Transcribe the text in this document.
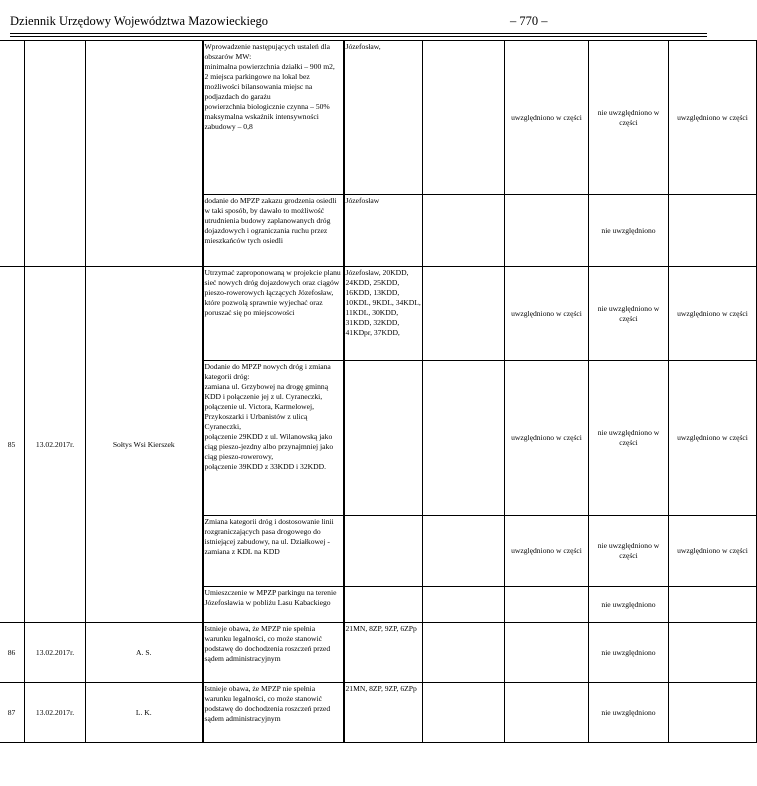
Dziennik Urzędowy Województwa Mazowieckiego	– 770 –

			Wprowadzenie następujących ustaleń dla obszarów MW:
minimalna powierzchnia działki – 900 m2,
2 miejsca parkingowe na lokal bez możliwości bilansowania miejsc na podjazdach do garażu
powierzchnia biologicznie czynna – 50%
maksymalna wskaźnik intensywności zabudowy – 0,8	Józefosław,		uwzględniono w części	nie uwzględniono w części	uwzględniono w części	

			dodanie do MPZP zakazu grodzenia osiedli w taki sposób, by dawało to możliwość utrudnienia budowy zaplanowanych dróg dojazdowych i ograniczania ruchu przez mieszkańców tych osiedli	Józefosław			nie uwzględniono		

85	13.02.2017r.	Sołtys Wsi Kierszek	Utrzymać zaproponowaną w projekcie planu sieć nowych dróg dojazdowych oraz ciągów pieszo-rowerowych łączących Józefosław, które pozwolą sprawnie wyjechać oraz poruszać się po miejscowości	Józefosław, 20KDD, 24KDD, 25KDD, 16KDD, 13KDD, 10KDL, 9KDL, 34KDL, 11KDL, 30KDD, 31KDD, 32KDD, 41KDpr, 37KDD,		uwzględniono w części	nie uwzględniono w części	uwzględniono w części	

			Dodanie do MPZP nowych dróg i zmiana kategorii dróg:
zamiana ul. Grzybowej na drogę gminną KDD i połączenie jej z ul. Cyraneczki, połączenie ul. Victora, Karmelowej, Przykoszarki i Urbanistów z ulicą Cyraneczki,
połączenie 29KDD z ul. Wilanowską jako ciąg pieszo-jezdny albo przynajmniej jako ciąg pieszo-rowerowy,
połączenie 39KDD z 33KDD i 32KDD.			uwzględniono w części	nie uwzględniono w części	uwzględniono w części	

			Zmiana kategorii dróg i dostosowanie linii rozgraniczających pasa drogowego do istniejącej zabudowy, na ul. Działkowej - zamiana z KDL na KDD			uwzględniono w części	nie uwzględniono w części	uwzględniono w części	

			Umieszczenie w MPZP parkingu na terenie Józefosławia w pobliżu Lasu Kabackiego				nie uwzględniono		

86	13.02.2017r.	A. S.	Istnieje obawa, że MPZP nie spełnia warunku legalności, co może stanowić podstawę do dochodzenia roszczeń przed sądem administracyjnym	21MN, 8ZP, 9ZP, 6ZPp			nie uwzględniono		

87	13.02.2017r.	L. K.	Istnieje obawa, że MPZP nie spełnia warunku legalności, co może stanowić podstawę do dochodzenia roszczeń przed sądem administracyjnym	21MN, 8ZP, 9ZP, 6ZPp			nie uwzględniono		
